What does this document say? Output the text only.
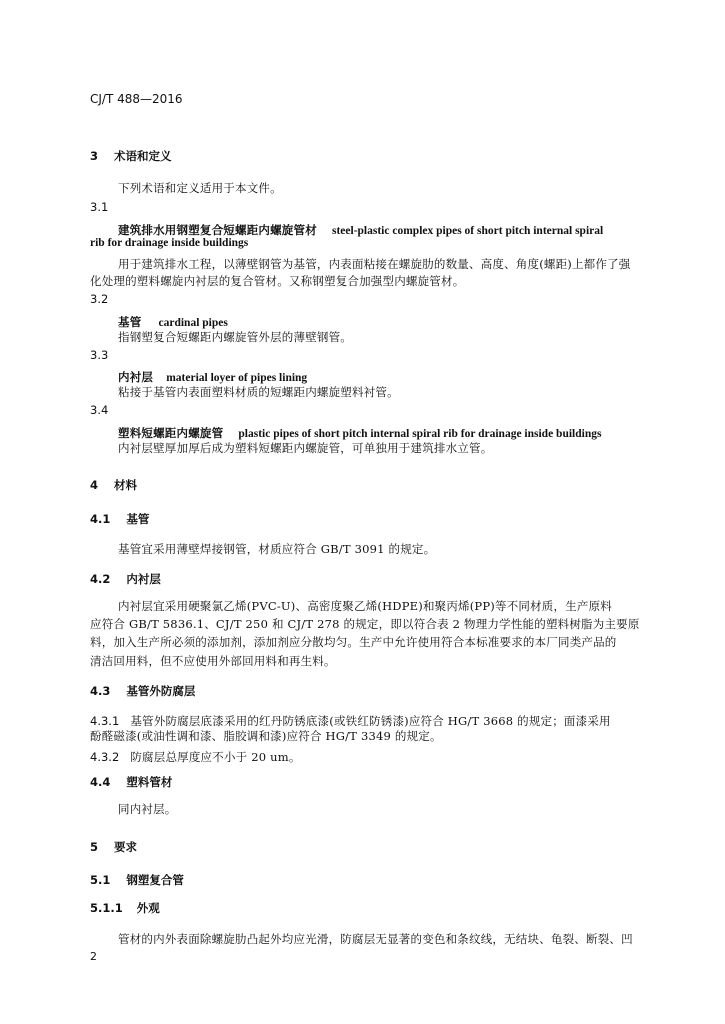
CJ/T 488—2016
3 术语和定义
下列术语和定义适用于本文件。
3.1
建筑排水用钢塑复合短螺距内螺旋管材 steel-plastic complex pipes of short pitch internal spiral
rib for drainage inside buildings
用于建筑排水工程，以薄壁钢管为基管，内表面粘接在螺旋肋的数量、高度、角度(螺距)上都作了强
化处理的塑料螺旋内衬层的复合管材。又称钢塑复合加强型内螺旋管材。
3.2
基管 cardinal pipes
指钢塑复合短螺距内螺旋管外层的薄壁钢管。
3.3
内衬层 material loyer of pipes lining
粘接于基管内表面塑料材质的短螺距内螺旋塑料衬管。
3.4
塑料短螺距内螺旋管 plastic pipes of short pitch internal spiral rib for drainage inside buildings
内衬层壁厚加厚后成为塑料短螺距内螺旋管，可单独用于建筑排水立管。
4 材料
4.1 基管
基管宜采用薄壁焊接钢管，材质应符合 GB/T 3091 的规定。
4.2 内衬层
内衬层宜采用硬聚氯乙烯(PVC-U)、高密度聚乙烯(HDPE)和聚丙烯(PP)等不同材质，生产原料
应符合 GB/T 5836.1、CJ/T 250 和 CJ/T 278 的规定，即以符合表 2 物理力学性能的塑料树脂为主要原
料，加入生产所必须的添加剂，添加剂应分散均匀。生产中允许使用符合本标准要求的本厂同类产品的
清洁回用料，但不应使用外部回用料和再生料。
4.3 基管外防腐层
4.3.1 基管外防腐层底漆采用的红丹防锈底漆(或铁红防锈漆)应符合 HG/T 3668 的规定；面漆采用
酚醛磁漆(或油性调和漆、脂胶调和漆)应符合 HG/T 3349 的规定。
4.3.2 防腐层总厚度应不小于 20 um。
4.4 塑料管材
同内衬层。
5 要求
5.1 钢塑复合管
5.1.1 外观
管材的内外表面除螺旋肋凸起外均应光滑，防腐层无显著的变色和条纹线，无结块、龟裂、断裂、凹
2
